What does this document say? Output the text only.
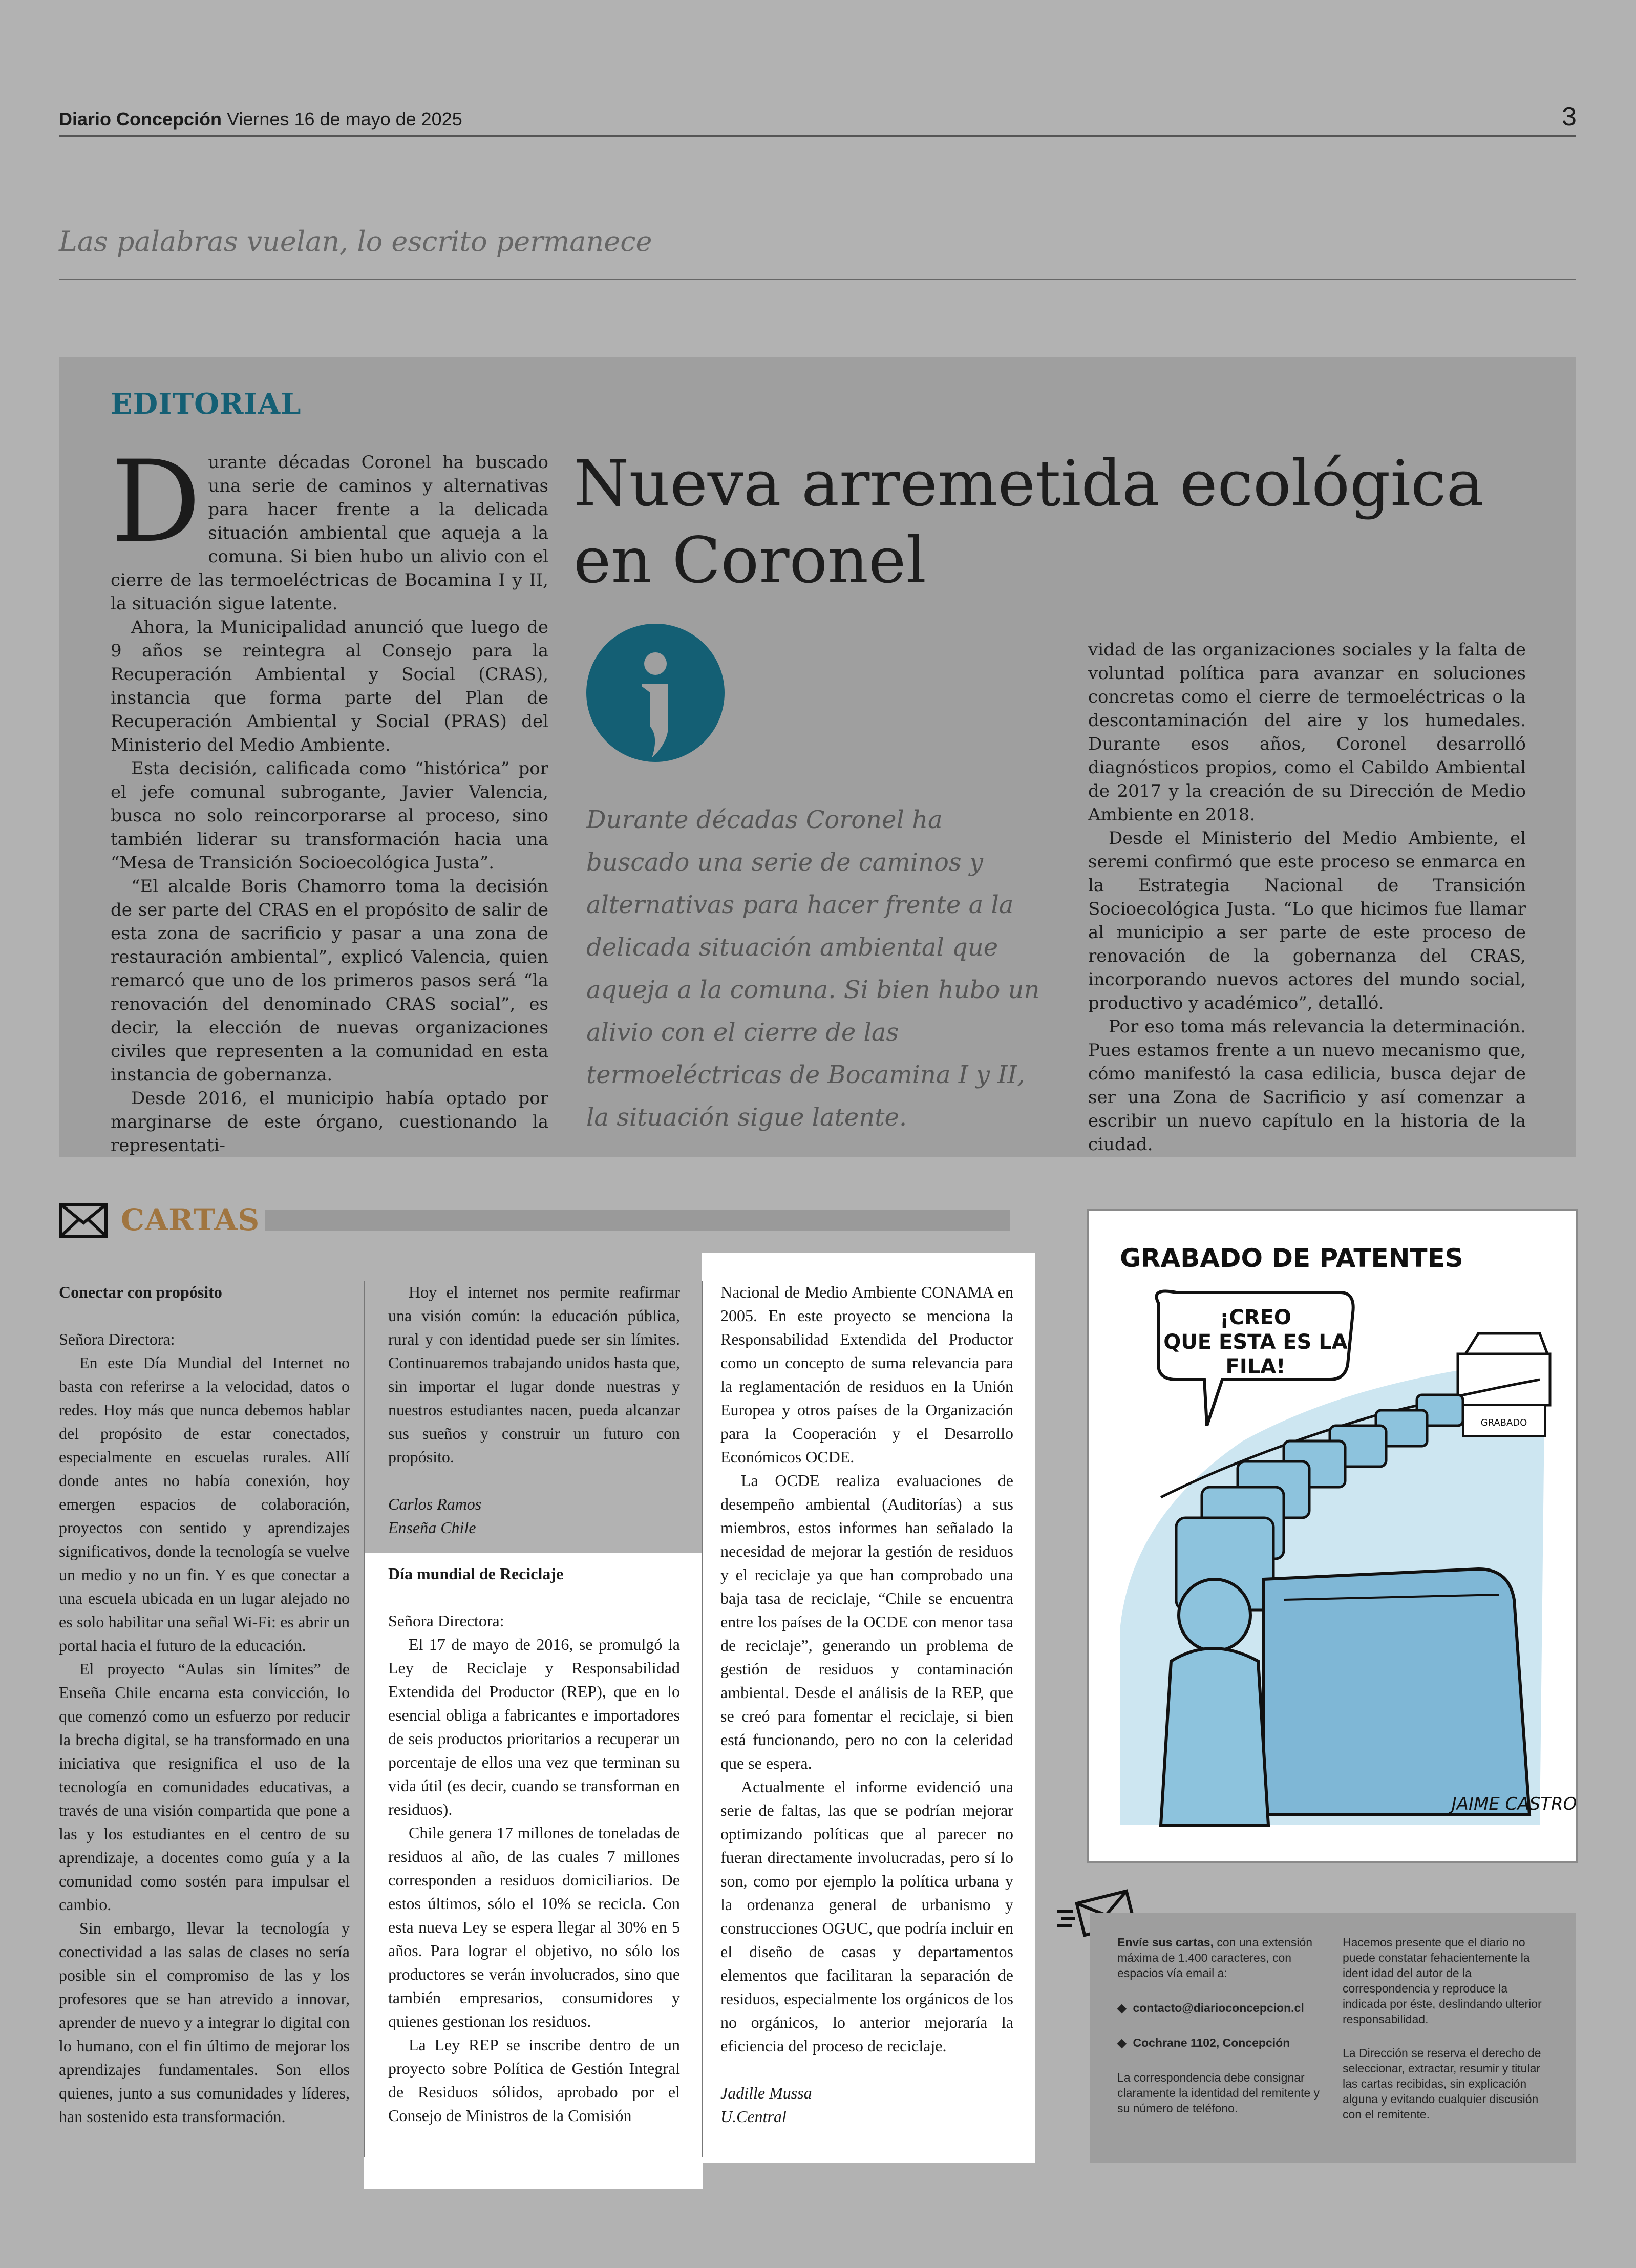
Diario Concepción Viernes 16 de mayo de 2025	3
Las palabras vuelan, lo escrito permanece
EDITORIAL

Durante décadas Coronel ha buscado una serie de caminos y alternativas para hacer frente a la delicada situación ambiental que aqueja a la comuna. Si bien hubo un alivio con el cierre de las termoeléctricas de Bocamina I y II, la situación sigue latente.

Ahora, la Municipalidad anunció que luego de 9 años se reintegra al Consejo para la Recuperación Ambiental y Social (CRAS), instancia que forma parte del Plan de Recuperación Ambiental y Social (PRAS) del Ministerio del Medio Ambiente.

Esta decisión, calificada como “histórica” por el jefe comunal subrogante, Javier Valencia, busca no solo reincorporarse al proceso, sino también liderar su transformación hacia una “Mesa de Transición Socioecológica Justa”.

“El alcalde Boris Chamorro toma la decisión de ser parte del CRAS en el propósito de salir de esta zona de sacrificio y pasar a una zona de restauración ambiental”, explicó Valencia, quien remarcó que uno de los primeros pasos será “la renovación del denominado CRAS social”, es decir, la elección de nuevas organizaciones civiles que representen a la comunidad en esta instancia de gobernanza.

Desde 2016, el municipio había optado por marginarse de este órgano, cuestionando la representati-

Nueva arremetida ecológica en Coronel
Durante décadas Coronel ha buscado una serie de caminos y alternativas para hacer frente a la delicada situación ambiental que aqueja a la comuna. Si bien hubo un alivio con el cierre de las termoeléctricas de Bocamina I y II, la situación sigue latente.

vidad de las organizaciones sociales y la falta de voluntad política para avanzar en soluciones concretas como el cierre de termoeléctricas o la descontaminación del aire y los humedales. Durante esos años, Coronel desarrolló diagnósticos propios, como el Cabildo Ambiental de 2017 y la creación de su Dirección de Medio Ambiente en 2018.

Desde el Ministerio del Medio Ambiente, el seremi confirmó que este proceso se enmarca en la Estrategia Nacional de Transición Socioecológica Justa. “Lo que hicimos fue llamar al municipio a ser parte de este proceso de renovación de la gobernanza del CRAS, incorporando nuevos actores del mundo social, productivo y académico”, detalló.

Por eso toma más relevancia la determinación. Pues estamos frente a un nuevo mecanismo que, cómo manifestó la casa edilicia, busca dejar de ser una Zona de Sacrificio y así comenzar a escribir un nuevo capítulo en la historia de la ciudad.

CARTAS

Conectar con propósito

Señora Directora:

En este Día Mundial del Internet no basta con referirse a la velocidad, datos o redes. Hoy más que nunca debemos hablar del propósito de estar conectados, especialmente en escuelas rurales. Allí donde antes no había conexión, hoy emergen espacios de colaboración, proyectos con sentido y aprendizajes significativos, donde la tecnología se vuelve un medio y no un fin. Y es que conectar a una escuela ubicada en un lugar alejado no es solo habilitar una señal Wi-Fi: es abrir un portal hacia el futuro de la educación.

El proyecto “Aulas sin límites” de Enseña Chile encarna esta convicción, lo que comenzó como un esfuerzo por reducir la brecha digital, se ha transformado en una iniciativa que resignifica el uso de la tecnología en comunidades educativas, a través de una visión compartida que pone a las y los estudiantes en el centro de su aprendizaje, a docentes como guía y a la comunidad como sostén para impulsar el cambio.

Sin embargo, llevar la tecnología y conectividad a las salas de clases no sería posible sin el compromiso de las y los profesores que se han atrevido a innovar, aprender de nuevo y a integrar lo digital con lo humano, con el fin último de mejorar los aprendizajes fundamentales. Son ellos quienes, junto a sus comunidades y líderes, han sostenido esta transformación.

Hoy el internet nos permite reafirmar una visión común: la educación pública, rural y con identidad puede ser sin límites. Continuaremos trabajando unidos hasta que, sin importar el lugar donde nuestras y nuestros estudiantes nacen, pueda alcanzar sus sueños y construir un futuro con propósito.

Carlos Ramos

Enseña Chile

Día mundial de Reciclaje

Señora Directora:

El 17 de mayo de 2016, se promulgó la Ley de Reciclaje y Responsabilidad Extendida del Productor (REP), que en lo esencial obliga a fabricantes e importadores de seis productos prioritarios a recuperar un porcentaje de ellos una vez que terminan su vida útil (es decir, cuando se transforman en residuos).

Chile genera 17 millones de toneladas de residuos al año, de las cuales 7 millones corresponden a residuos domiciliarios. De estos últimos, sólo el 10% se recicla. Con esta nueva Ley se espera llegar al 30% en 5 años. Para lograr el objetivo, no sólo los productores se verán involucrados, sino que también empresarios, consumidores y quienes gestionan los residuos.

La Ley REP se inscribe dentro de un proyecto sobre Política de Gestión Integral de Residuos sólidos, aprobado por el Consejo de Ministros de la Comisión

Nacional de Medio Ambiente CONAMA en 2005. En este proyecto se menciona la Responsabilidad Extendida del Productor como un concepto de suma relevancia para la reglamentación de residuos en la Unión Europea y otros países de la Organización para la Cooperación y el Desarrollo Económicos OCDE.

La OCDE realiza evaluaciones de desempeño ambiental (Auditorías) a sus miembros, estos informes han señalado la necesidad de mejorar la gestión de residuos y el reciclaje ya que han comprobado una baja tasa de reciclaje, “Chile se encuentra entre los países de la OCDE con menor tasa de reciclaje”, generando un problema de gestión de residuos y contaminación ambiental. Desde el análisis de la REP, que se creó para fomentar el reciclaje, si bien está funcionando, pero no con la celeridad que se espera.

Actualmente el informe evidenció una serie de faltas, las que se podrían mejorar optimizando políticas que al parecer no fueran directamente involucradas, pero sí lo son, como por ejemplo la política urbana y la ordenanza general de urbanismo y construcciones OGUC, que podría incluir en el diseño de casas y departamentos elementos que facilitaran la separación de residuos, especialmente los orgánicos de los no orgánicos, lo anterior mejoraría la eficiencia del proceso de reciclaje.

Jadille Mussa

U.Central

GRABADO DE PATENTES
¡CREO
QUE ESTA ES LA
FILA!
GRABADO
JAIME CASTRO
Envíe sus cartas, con una extensión máxima de 1.400 caracteres, con espacios vía email a:
◆  contacto@diarioconcepcion.cl
◆  Cochrane 1102, Concepción
La correspondencia debe consignar claramente la identidad del remitente y su número de teléfono.
Hacemos presente que el diario no puede constatar fehacientemente la ident idad del autor de la correspondencia y reproduce la indicada por éste, deslindando ulterior responsabilidad.
La Dirección se reserva el derecho de seleccionar, extractar, resumir y titular las cartas recibidas, sin explicación alguna y evitando cualquier discusión con el remitente.
